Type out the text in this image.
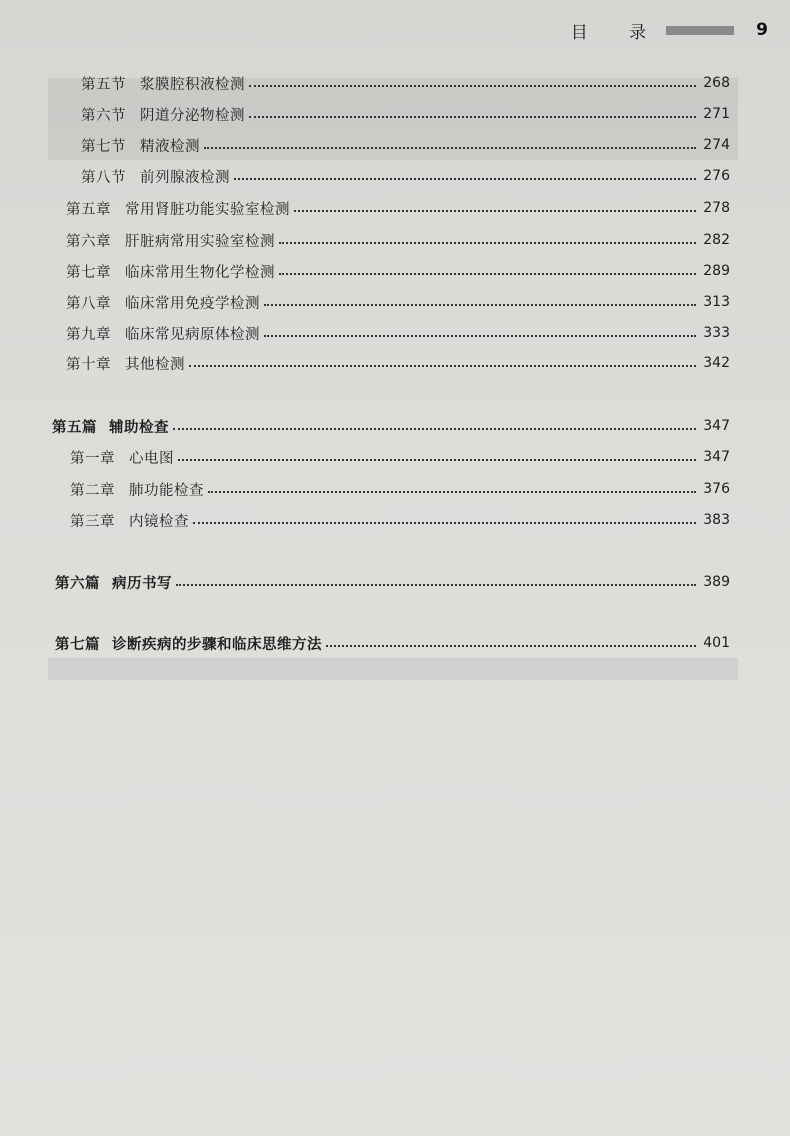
目 录	9
第五节 浆膜腔积液检测	268
第六节 阴道分泌物检测	271
第七节 精液检测	274
第八节 前列腺液检测	276
第五章 常用肾脏功能实验室检测	278
第六章 肝脏病常用实验室检测	282
第七章 临床常用生物化学检测	289
第八章 临床常用免疫学检测	313
第九章 临床常见病原体检测	333
第十章 其他检测	342
第五篇 辅助检查	347
第一章 心电图	347
第二章 肺功能检查	376
第三章 内镜检查	383
第六篇 病历书写	389
第七篇 诊断疾病的步骤和临床思维方法	401
